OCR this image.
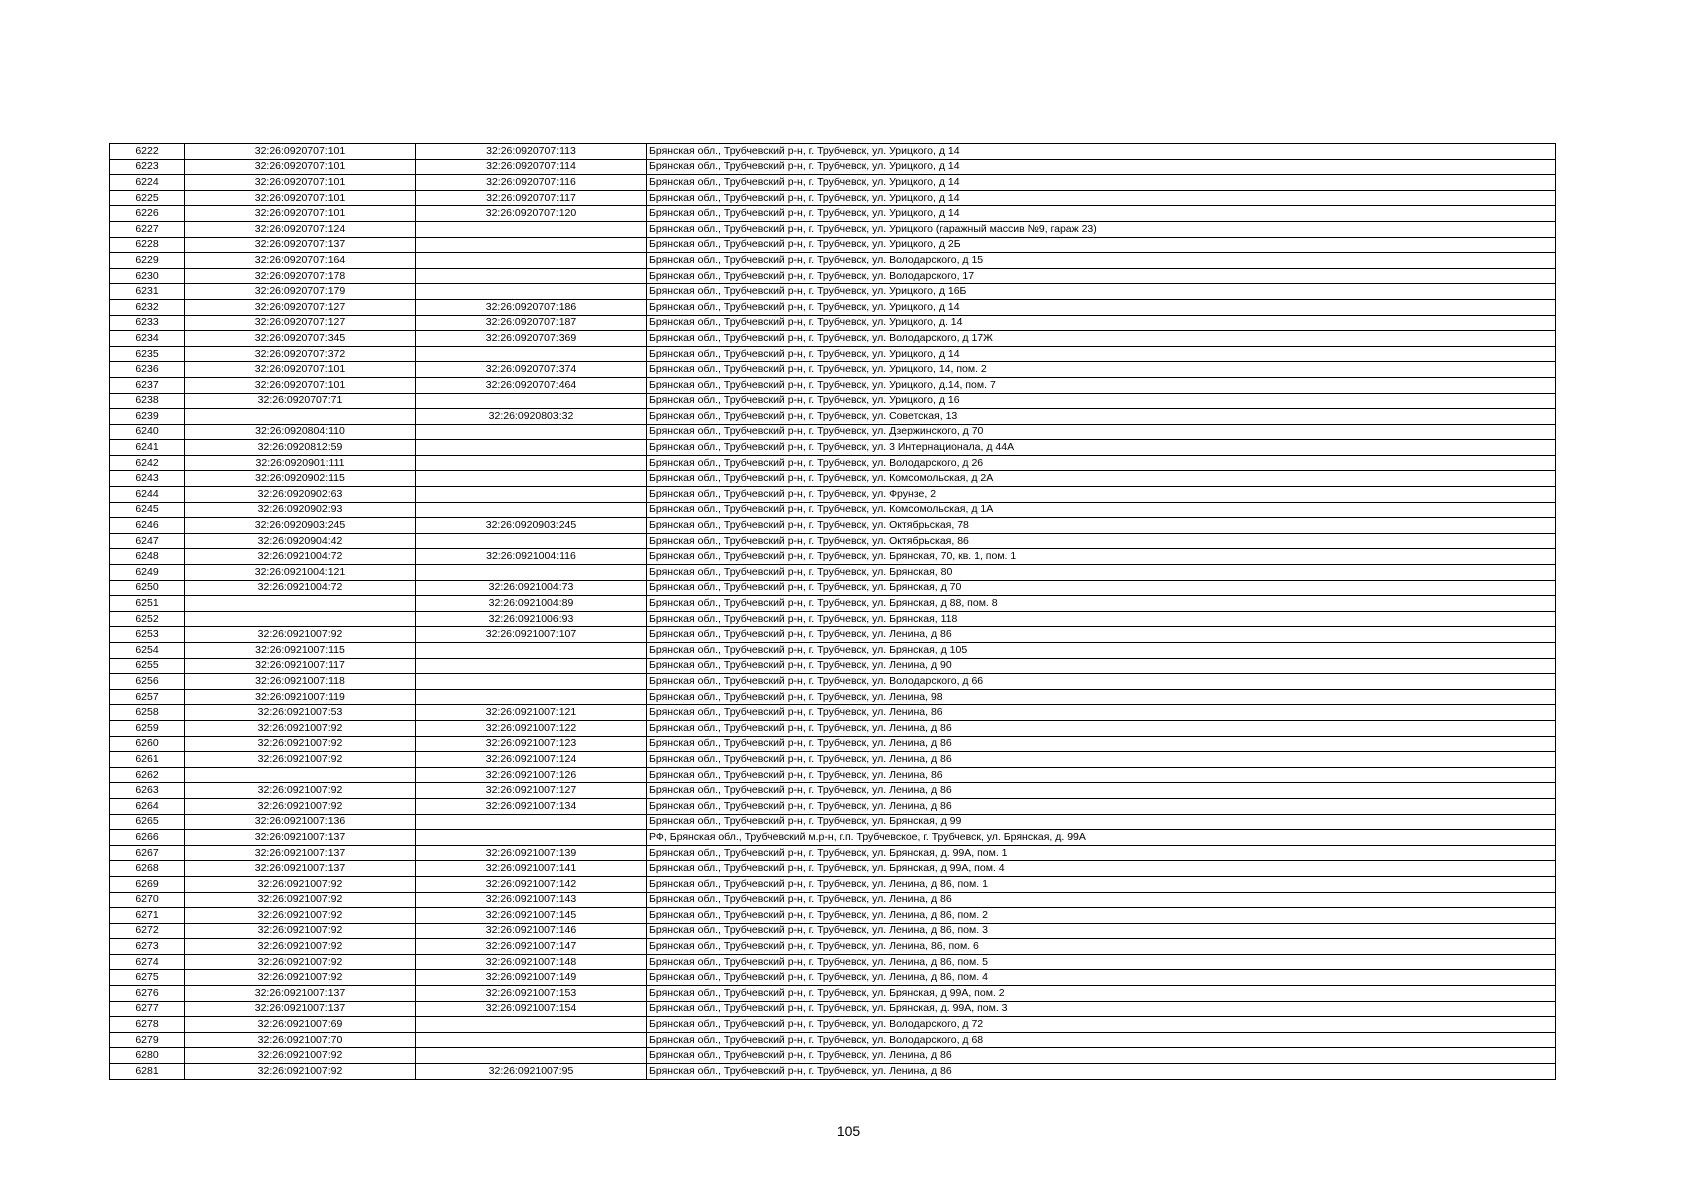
6222	32:26:0920707:101	32:26:0920707:113	Брянская обл., Трубчевский р-н, г. Трубчевск, ул. Урицкого, д 14
6223	32:26:0920707:101	32:26:0920707:114	Брянская обл., Трубчевский р-н, г. Трубчевск, ул. Урицкого, д 14
6224	32:26:0920707:101	32:26:0920707:116	Брянская обл., Трубчевский р-н, г. Трубчевск, ул. Урицкого, д 14
6225	32:26:0920707:101	32:26:0920707:117	Брянская обл., Трубчевский р-н, г. Трубчевск, ул. Урицкого, д 14
6226	32:26:0920707:101	32:26:0920707:120	Брянская обл., Трубчевский р-н, г. Трубчевск, ул. Урицкого, д 14
6227	32:26:0920707:124		Брянская обл., Трубчевский р-н, г. Трубчевск, ул. Урицкого (гаражный массив №9, гараж 23)
6228	32:26:0920707:137		Брянская обл., Трубчевский р-н, г. Трубчевск, ул. Урицкого, д 2Б
6229	32:26:0920707:164		Брянская обл., Трубчевский р-н, г. Трубчевск, ул. Володарского, д 15
6230	32:26:0920707:178		Брянская обл., Трубчевский р-н, г. Трубчевск, ул. Володарского, 17
6231	32:26:0920707:179		Брянская обл., Трубчевский р-н, г. Трубчевск, ул. Урицкого, д 16Б
6232	32:26:0920707:127	32:26:0920707:186	Брянская обл., Трубчевский р-н, г. Трубчевск, ул. Урицкого, д 14
6233	32:26:0920707:127	32:26:0920707:187	Брянская обл., Трубчевский р-н, г. Трубчевск, ул. Урицкого, д. 14
6234	32:26:0920707:345	32:26:0920707:369	Брянская обл., Трубчевский р-н, г. Трубчевск, ул. Володарского, д 17Ж
6235	32:26:0920707:372		Брянская обл., Трубчевский р-н, г. Трубчевск, ул. Урицкого, д 14
6236	32:26:0920707:101	32:26:0920707:374	Брянская обл., Трубчевский р-н, г. Трубчевск, ул. Урицкого, 14, пом. 2
6237	32:26:0920707:101	32:26:0920707:464	Брянская обл., Трубчевский р-н, г. Трубчевск, ул. Урицкого, д.14, пом. 7
6238	32:26:0920707:71		Брянская обл., Трубчевский р-н, г. Трубчевск, ул. Урицкого, д 16
6239		32:26:0920803:32	Брянская обл., Трубчевский р-н, г. Трубчевск, ул. Советская, 13
6240	32:26:0920804:110		Брянская обл., Трубчевский р-н, г. Трубчевск, ул. Дзержинского, д 70
6241	32:26:0920812:59		Брянская обл., Трубчевский р-н, г. Трубчевск, ул. 3 Интернационала, д 44А
6242	32:26:0920901:111		Брянская обл., Трубчевский р-н, г. Трубчевск, ул. Володарского, д 26
6243	32:26:0920902:115		Брянская обл., Трубчевский р-н, г. Трубчевск, ул. Комсомольская, д 2А
6244	32:26:0920902:63		Брянская обл., Трубчевский р-н, г. Трубчевск, ул. Фрунзе, 2
6245	32:26:0920902:93		Брянская обл., Трубчевский р-н, г. Трубчевск, ул. Комсомольская, д 1А
6246	32:26:0920903:245	32:26:0920903:245	Брянская обл., Трубчевский р-н, г. Трубчевск, ул. Октябрьская, 78
6247	32:26:0920904:42		Брянская обл., Трубчевский р-н, г. Трубчевск, ул. Октябрьская, 86
6248	32:26:0921004:72	32:26:0921004:116	Брянская обл., Трубчевский р-н, г. Трубчевск, ул. Брянская, 70, кв. 1, пом. 1
6249	32:26:0921004:121		Брянская обл., Трубчевский р-н, г. Трубчевск, ул. Брянская, 80
6250	32:26:0921004:72	32:26:0921004:73	Брянская обл., Трубчевский р-н, г. Трубчевск, ул. Брянская, д 70
6251		32:26:0921004:89	Брянская обл., Трубчевский р-н, г. Трубчевск, ул. Брянская, д 88, пом. 8
6252		32:26:0921006:93	Брянская обл., Трубчевский р-н, г. Трубчевск, ул. Брянская, 118
6253	32:26:0921007:92	32:26:0921007:107	Брянская обл., Трубчевский р-н, г. Трубчевск, ул. Ленина, д 86
6254	32:26:0921007:115		Брянская обл., Трубчевский р-н, г. Трубчевск, ул. Брянская, д 105
6255	32:26:0921007:117		Брянская обл., Трубчевский р-н, г. Трубчевск, ул. Ленина, д 90
6256	32:26:0921007:118		Брянская обл., Трубчевский р-н, г. Трубчевск, ул. Володарского, д 66
6257	32:26:0921007:119		Брянская обл., Трубчевский р-н, г. Трубчевск, ул. Ленина, 98
6258	32:26:0921007:53	32:26:0921007:121	Брянская обл., Трубчевский р-н, г. Трубчевск, ул. Ленина, 86
6259	32:26:0921007:92	32:26:0921007:122	Брянская обл., Трубчевский р-н, г. Трубчевск, ул. Ленина, д 86
6260	32:26:0921007:92	32:26:0921007:123	Брянская обл., Трубчевский р-н, г. Трубчевск, ул. Ленина, д 86
6261	32:26:0921007:92	32:26:0921007:124	Брянская обл., Трубчевский р-н, г. Трубчевск, ул. Ленина, д 86
6262		32:26:0921007:126	Брянская обл., Трубчевский р-н, г. Трубчевск, ул. Ленина, 86
6263	32:26:0921007:92	32:26:0921007:127	Брянская обл., Трубчевский р-н, г. Трубчевск, ул. Ленина, д 86
6264	32:26:0921007:92	32:26:0921007:134	Брянская обл., Трубчевский р-н, г. Трубчевск, ул. Ленина, д 86
6265	32:26:0921007:136		Брянская обл., Трубчевский р-н, г. Трубчевск, ул. Брянская, д 99
6266	32:26:0921007:137		РФ, Брянская обл., Трубчевский м.р-н, г.п. Трубчевское, г. Трубчевск, ул. Брянская, д. 99А
6267	32:26:0921007:137	32:26:0921007:139	Брянская обл., Трубчевский р-н, г. Трубчевск, ул. Брянская, д. 99А, пом. 1
6268	32:26:0921007:137	32:26:0921007:141	Брянская обл., Трубчевский р-н, г. Трубчевск, ул. Брянская, д 99А, пом. 4
6269	32:26:0921007:92	32:26:0921007:142	Брянская обл., Трубчевский р-н, г. Трубчевск, ул. Ленина, д 86, пом. 1
6270	32:26:0921007:92	32:26:0921007:143	Брянская обл., Трубчевский р-н, г. Трубчевск, ул. Ленина, д 86
6271	32:26:0921007:92	32:26:0921007:145	Брянская обл., Трубчевский р-н, г. Трубчевск, ул. Ленина, д 86, пом. 2
6272	32:26:0921007:92	32:26:0921007:146	Брянская обл., Трубчевский р-н, г. Трубчевск, ул. Ленина, д 86, пом. 3
6273	32:26:0921007:92	32:26:0921007:147	Брянская обл., Трубчевский р-н, г. Трубчевск, ул. Ленина, 86, пом. 6
6274	32:26:0921007:92	32:26:0921007:148	Брянская обл., Трубчевский р-н, г. Трубчевск, ул. Ленина, д 86, пом. 5
6275	32:26:0921007:92	32:26:0921007:149	Брянская обл., Трубчевский р-н, г. Трубчевск, ул. Ленина, д 86, пом. 4
6276	32:26:0921007:137	32:26:0921007:153	Брянская обл., Трубчевский р-н, г. Трубчевск, ул. Брянская, д 99А, пом. 2
6277	32:26:0921007:137	32:26:0921007:154	Брянская обл., Трубчевский р-н, г. Трубчевск, ул. Брянская, д. 99А, пом. 3
6278	32:26:0921007:69		Брянская обл., Трубчевский р-н, г. Трубчевск, ул. Володарского, д 72
6279	32:26:0921007:70		Брянская обл., Трубчевский р-н, г. Трубчевск, ул. Володарского, д 68
6280	32:26:0921007:92		Брянская обл., Трубчевский р-н, г. Трубчевск, ул. Ленина, д 86
6281	32:26:0921007:92	32:26:0921007:95	Брянская обл., Трубчевский р-н, г. Трубчевск, ул. Ленина, д 86
105
